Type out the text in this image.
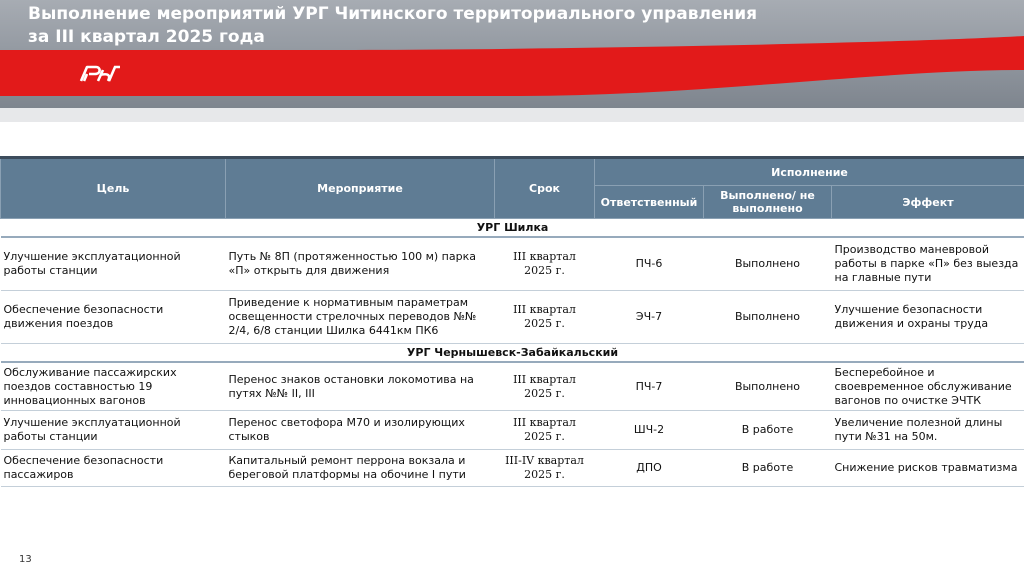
Выполнение мероприятий УРГ Читинского территориального управления
за III квартал 2025 года
Цель	Мероприятие	Срок	Исполнение		
			Ответственный	Выполнено/ не выполнено	Эффект
УРГ Шилка					
Улучшение эксплуатационной работы станции	Путь № 8П (протяженностью 100 м) парка «П» открыть для движения	III квартал 2025 г.	ПЧ-6	Выполнено	Производство маневровой работы в парке «П» без выезда на главные пути
Обеспечение безопасности движения поездов	Приведение к нормативным параметрам освещенности стрелочных переводов №№ 2/4, 6/8 станции Шилка 6441км ПК6	III квартал 2025 г.	ЭЧ-7	Выполнено	Улучшение безопасности движения и охраны труда
УРГ Чернышевск-Забайкальский					
Обслуживание пассажирских поездов составностью 19 инновационных вагонов	Перенос знаков остановки локомотива на путях №№ II, III	III квартал 2025 г.	ПЧ-7	Выполнено	Бесперебойное и своевременное обслуживание вагонов по очистке ЭЧТК
Улучшение эксплуатационной работы станции	Перенос светофора М70 и изолирующих стыков	III квартал 2025 г.	ШЧ-2	В работе	Увеличение полезной длины пути №31 на 50м.
Обеспечение безопасности пассажиров	Капитальный ремонт перрона вокзала и береговой платформы на обочине I пути	III-IV квартал 2025 г.	ДПО	В работе	Снижение рисков травматизма
13
